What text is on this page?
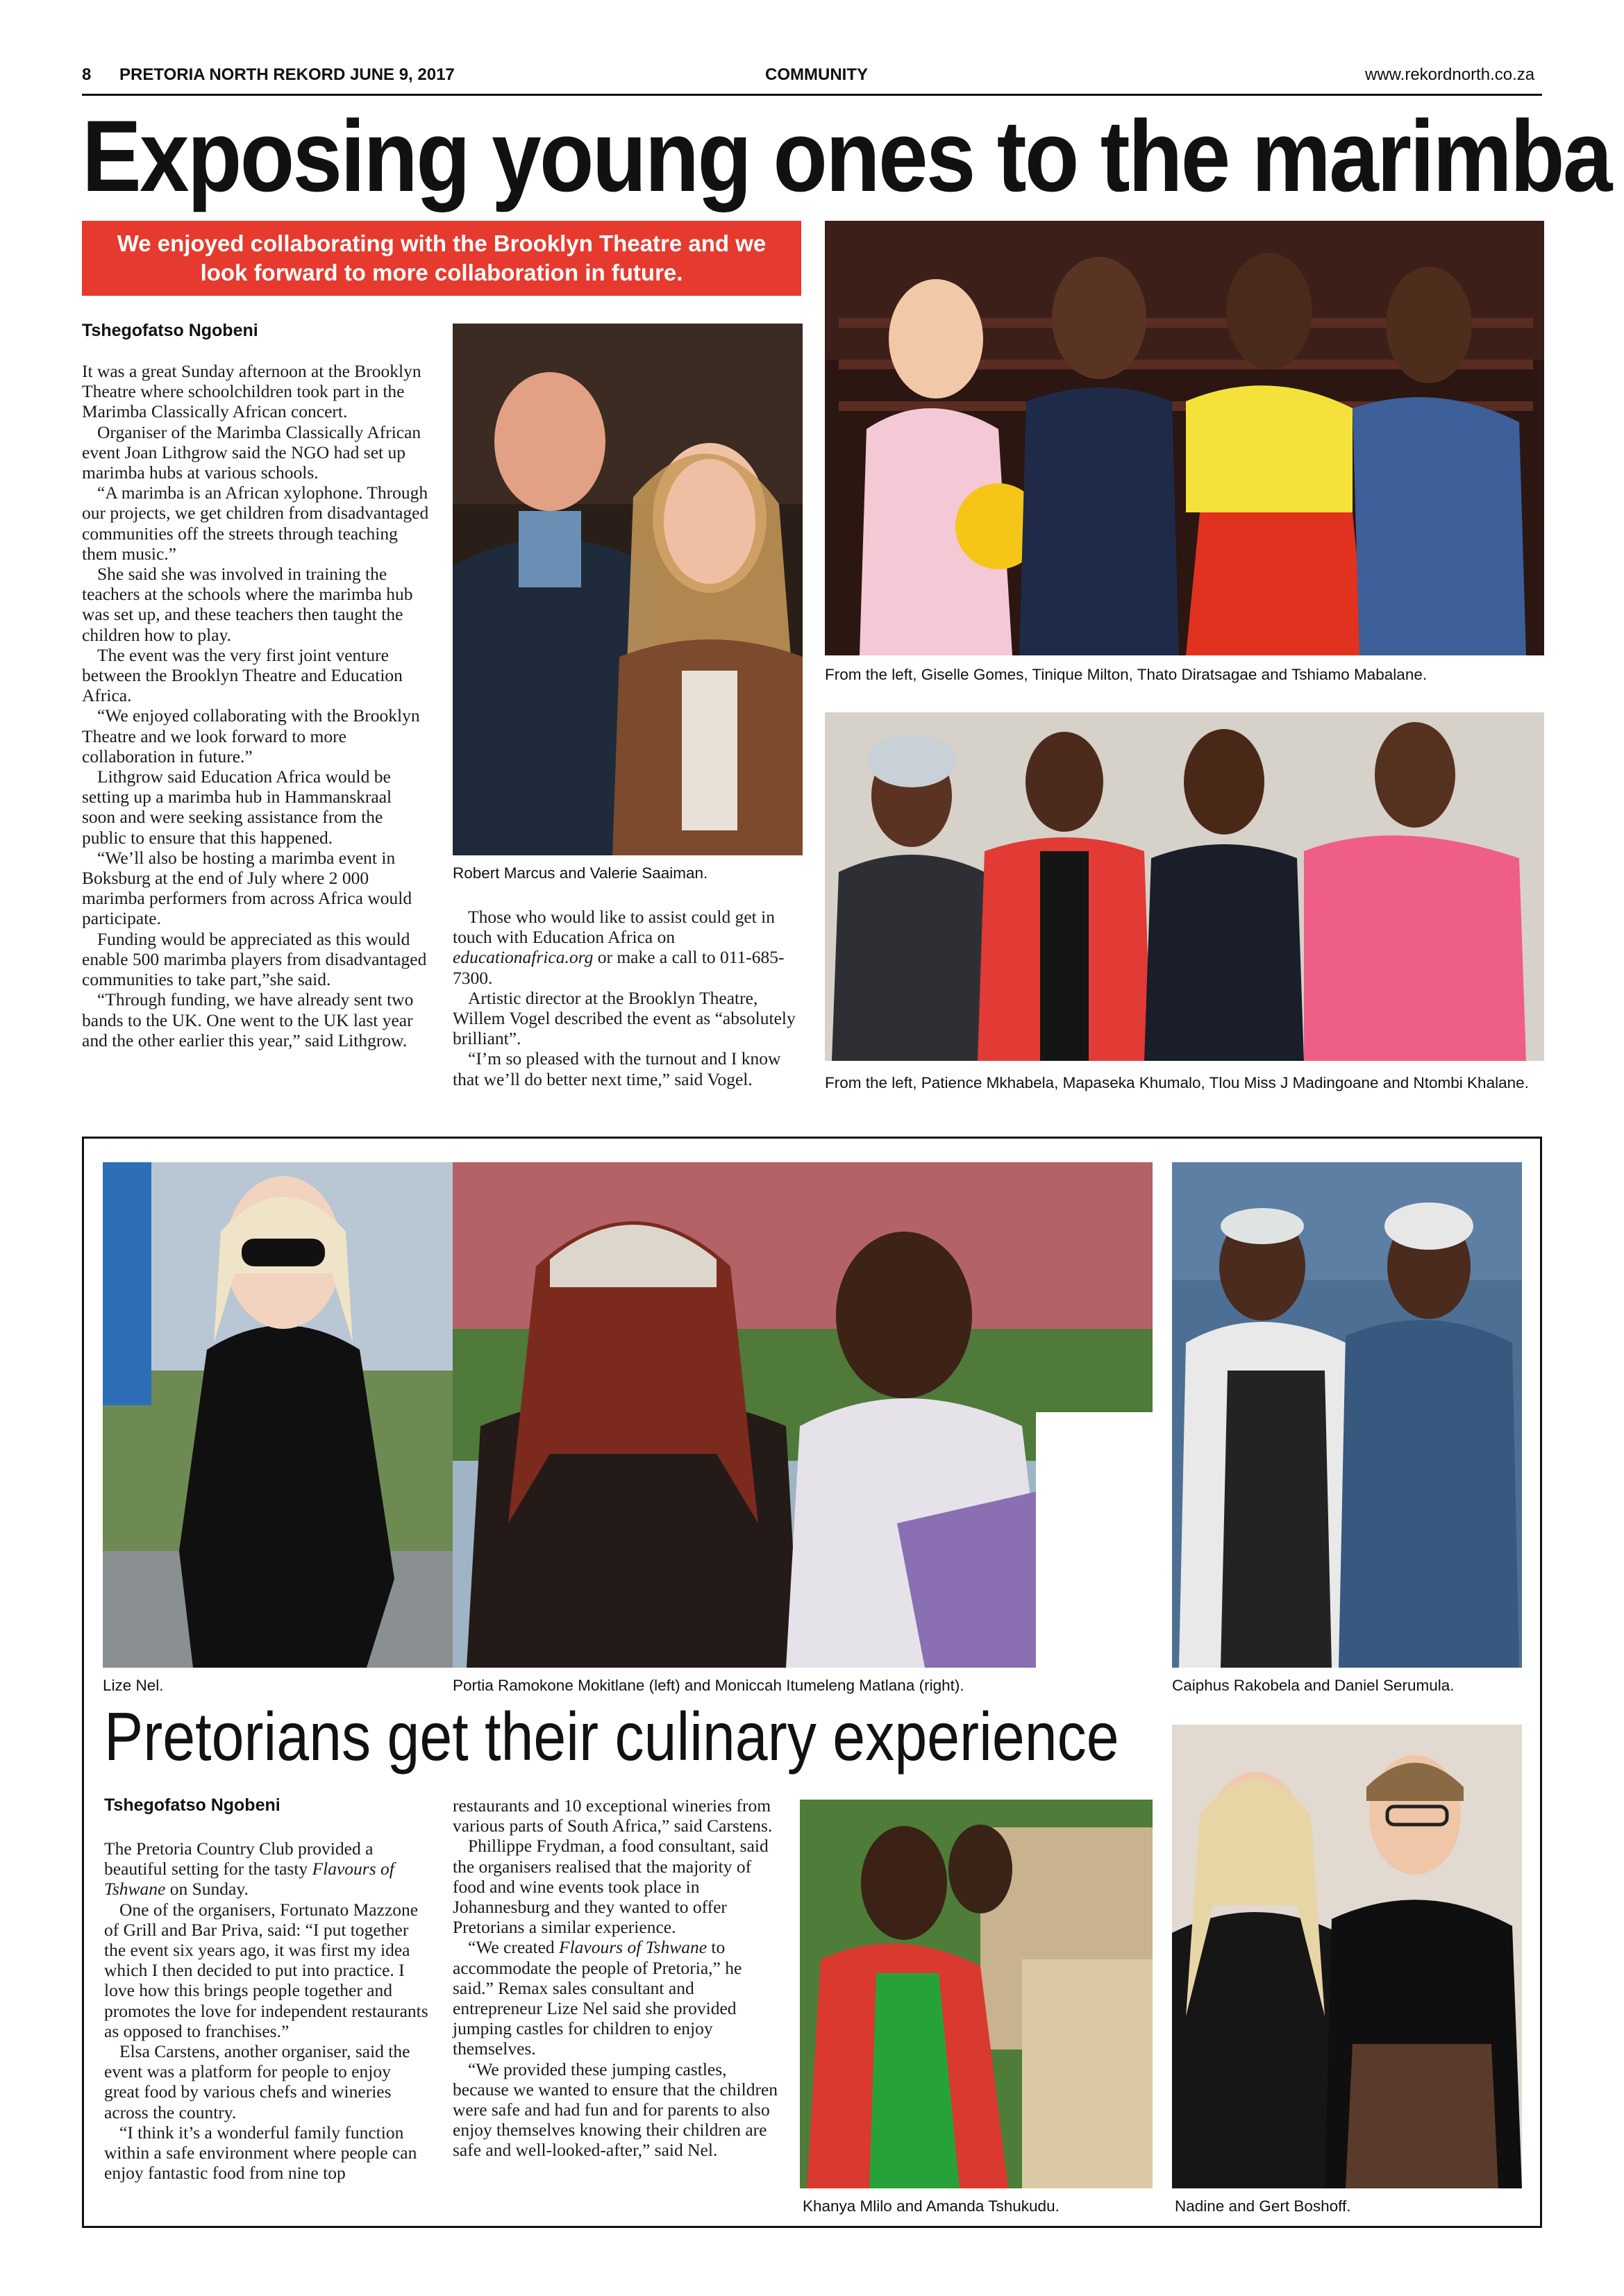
8 PRETORIA NORTH REKORD JUNE 9, 2017	COMMUNITY	www.rekordnorth.co.za
Exposing young ones to the marimba
We enjoyed collaborating with the Brooklyn Theatre and we look forward to more collaboration in future.
Tshegofatso Ngobeni

It was a great Sunday afternoon at the Brooklyn Theatre where schoolchildren took part in the Marimba Classically African concert.

Organiser of the Marimba Classically African event Joan Lithgrow said the NGO had set up marimba hubs at various schools.

“A marimba is an African xylophone. Through our projects, we get children from disadvantaged communities off the streets through teaching them music.”

She said she was involved in training the teachers at the schools where the marimba hub was set up, and these teachers then taught the children how to play.

The event was the very first joint venture between the Brooklyn Theatre and Education Africa.

“We enjoyed collaborating with the Brooklyn Theatre and we look forward to more collaboration in future.”

Lithgrow said Education Africa would be setting up a marimba hub in Hammanskraal soon and were seeking assistance from the public to ensure that this happened.

“We’ll also be hosting a marimba event in Boksburg at the end of July where 2 000 marimba performers from across Africa would participate.

Funding would be appreciated as this would enable 500 marimba players from disadvantaged communities to take part,”she said.

“Through funding, we have already sent two bands to the UK. One went to the UK last year and the other earlier this year,” said Lithgrow.

Robert Marcus and Valerie Saaiman.

Those who would like to assist could get in touch with Education Africa on educationafrica.org or make a call to 011-685-7300.

Artistic director at the Brooklyn Theatre, Willem Vogel described the event as “absolutely brilliant”.

“I’m so pleased with the turnout and I know that we’ll do better next time,” said Vogel.

From the left, Giselle Gomes, Tinique Milton, Thato Diratsagae and Tshiamo Mabalane.
From the left, Patience Mkhabela, Mapaseka Khumalo, Tlou Miss J Madingoane and Ntombi Khalane.
Lize Nel.	Portia Ramokone Mokitlane (left) and Moniccah Itumeleng Matlana (right).	Caiphus Rakobela and Daniel Serumula.
Pretorians get their culinary experience
Tshegofatso Ngobeni

The Pretoria Country Club provided a beautiful setting for the tasty Flavours of Tshwane on Sunday.

One of the organisers, Fortunato Mazzone of Grill and Bar Priva, said: “I put together the event six years ago, it was first my idea which I then decided to put into practice. I love how this brings people together and promotes the love for independent restaurants as opposed to franchises.”

Elsa Carstens, another organiser, said the event was a platform for people to enjoy great food by various chefs and wineries across the country.

“I think it’s a wonderful family function within a safe environment where people can enjoy fantastic food from nine top

restaurants and 10 exceptional wineries from various parts of South Africa,” said Carstens.

Phillippe Frydman, a food consultant, said the organisers realised that the majority of food and wine events took place in Johannesburg and they wanted to offer Pretorians a similar experience.

“We created Flavours of Tshwane to accommodate the people of Pretoria,” he said.” Remax sales consultant and entrepreneur Lize Nel said she provided jumping castles for children to enjoy themselves.

“We provided these jumping castles, because we wanted to ensure that the children were safe and had fun and for parents to also enjoy themselves knowing their children are safe and well-looked-after,” said Nel.

Khanya Mlilo and Amanda Tshukudu.	Nadine and Gert Boshoff.
